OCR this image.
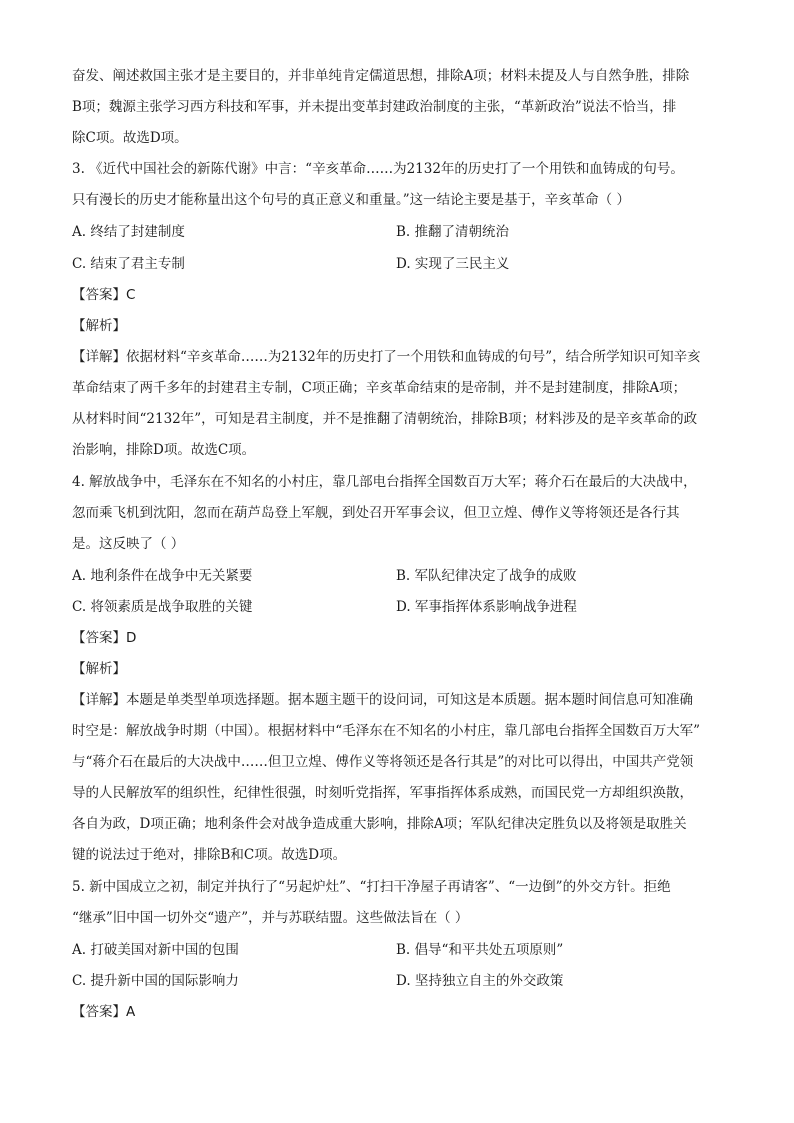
奋发、阐述救国主张才是主要目的，并非单纯肯定儒道思想，排除A项；材料未提及人与自然争胜，排除
B项；魏源主张学习西方科技和军事，并未提出变革封建政治制度的主张，“革新政治”说法不恰当，排
除C项。故选D项。
3. 《近代中国社会的新陈代谢》中言：“辛亥革命……为2132年的历史打了一个用铁和血铸成的句号。
只有漫长的历史才能称量出这个句号的真正意义和重量。”这一结论主要是基于，辛亥革命（ ）
A. 终结了封建制度	B. 推翻了清朝统治
C. 结束了君主专制	D. 实现了三民主义
【答案】C
【解析】
【详解】依据材料“辛亥革命……为2132年的历史打了一个用铁和血铸成的句号”，结合所学知识可知辛亥
革命结束了两千多年的封建君主专制，C项正确；辛亥革命结束的是帝制，并不是封建制度，排除A项；
从材料时间“2132年”，可知是君主制度，并不是推翻了清朝统治，排除B项；材料涉及的是辛亥革命的政
治影响，排除D项。故选C项。
4. 解放战争中，毛泽东在不知名的小村庄，靠几部电台指挥全国数百万大军；蒋介石在最后的大决战中，
忽而乘飞机到沈阳，忽而在葫芦岛登上军舰，到处召开军事会议，但卫立煌、傅作义等将领还是各行其
是。这反映了（ ）
A. 地利条件在战争中无关紧要	B. 军队纪律决定了战争的成败
C. 将领素质是战争取胜的关键	D. 军事指挥体系影响战争进程
【答案】D
【解析】
【详解】本题是单类型单项选择题。据本题主题干的设问词，可知这是本质题。据本题时间信息可知准确
时空是：解放战争时期（中国）。根据材料中“毛泽东在不知名的小村庄，靠几部电台指挥全国数百万大军”
与“蒋介石在最后的大决战中……但卫立煌、傅作义等将领还是各行其是”的对比可以得出，中国共产党领
导的人民解放军的组织性，纪律性很强，时刻听党指挥，军事指挥体系成熟，而国民党一方却组织涣散，
各自为政，D项正确；地利条件会对战争造成重大影响，排除A项；军队纪律决定胜负以及将领是取胜关
键的说法过于绝对，排除B和C项。故选D项。
5. 新中国成立之初，制定并执行了“另起炉灶”、“打扫干净屋子再请客”、“一边倒”的外交方针。拒绝
“继承”旧中国一切外交“遗产”，并与苏联结盟。这些做法旨在（ ）
A. 打破美国对新中国的包围	B. 倡导“和平共处五项原则”
C. 提升新中国的国际影响力	D. 坚持独立自主的外交政策
【答案】A
